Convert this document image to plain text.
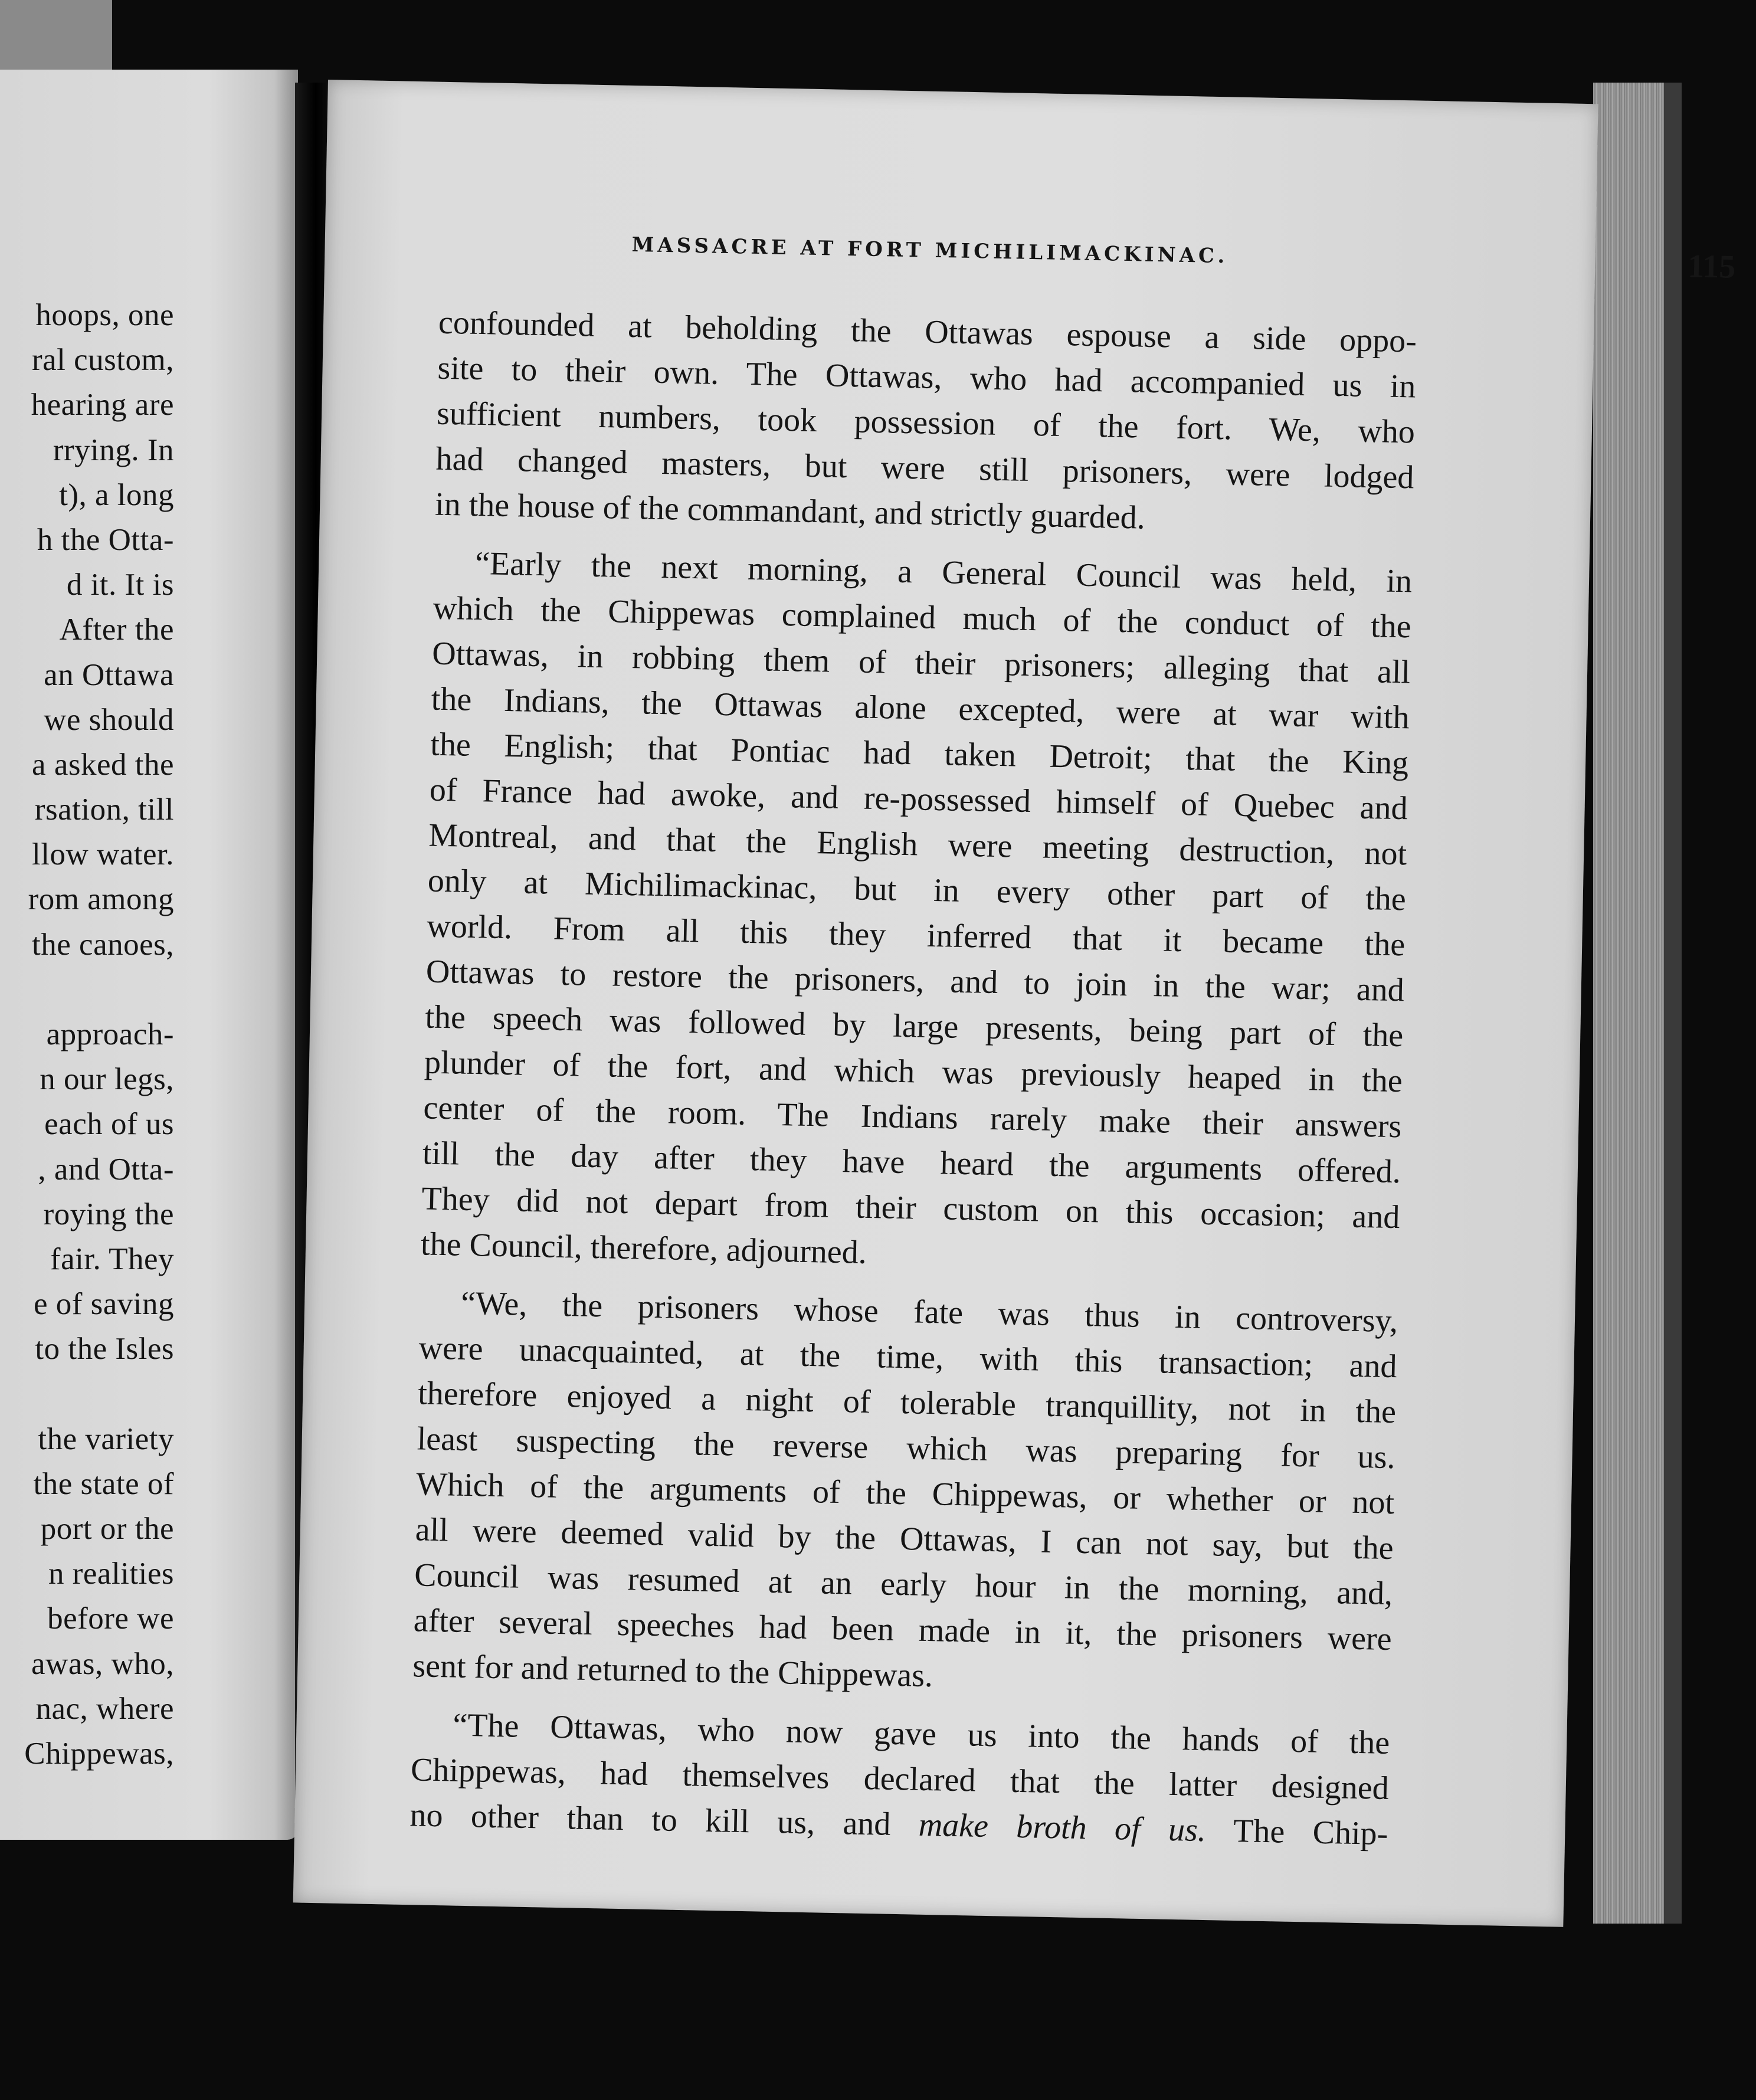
hoops, one
ral custom,
hearing are
rrying. In
t), a long
h the Otta-
d it. It is
After the
an Ottawa
we should
a asked the
rsation, till
llow water.
rom among
the canoes,
approach-
n our legs,
each of us
, and Otta-
roying the
fair. They
e of saving
to the Isles
the variety
the state of
port or the
n realities
before we
awas, who,
nac, where
Chippewas,
MASSACRE AT FORT MICHILIMACKINAC.	115
confounded at beholding the Ottawas espouse a side oppo-
site to their own. The Ottawas, who had accompanied us in
sufficient numbers, took possession of the fort. We, who
had changed masters, but were still prisoners, were lodged
in the house of the commandant, and strictly guarded.
“Early the next morning, a General Council was held, in
which the Chippewas complained much of the conduct of the
Ottawas, in robbing them of their prisoners; alleging that all
the Indians, the Ottawas alone excepted, were at war with
the English; that Pontiac had taken Detroit; that the King
of France had awoke, and re-possessed himself of Quebec and
Montreal, and that the English were meeting destruction, not
only at Michilimackinac, but in every other part of the
world. From all this they inferred that it became the
Ottawas to restore the prisoners, and to join in the war; and
the speech was followed by large presents, being part of the
plunder of the fort, and which was previously heaped in the
center of the room. The Indians rarely make their answers
till the day after they have heard the arguments offered.
They did not depart from their custom on this occasion; and
the Council, therefore, adjourned.
“We, the prisoners whose fate was thus in controversy,
were unacquainted, at the time, with this transaction; and
therefore enjoyed a night of tolerable tranquillity, not in the
least suspecting the reverse which was preparing for us.
Which of the arguments of the Chippewas, or whether or not
all were deemed valid by the Ottawas, I can not say, but the
Council was resumed at an early hour in the morning, and,
after several speeches had been made in it, the prisoners were
sent for and returned to the Chippewas.
“The Ottawas, who now gave us into the hands of the
Chippewas, had themselves declared that the latter designed
no other than to kill us, and make broth of us. The Chip-
